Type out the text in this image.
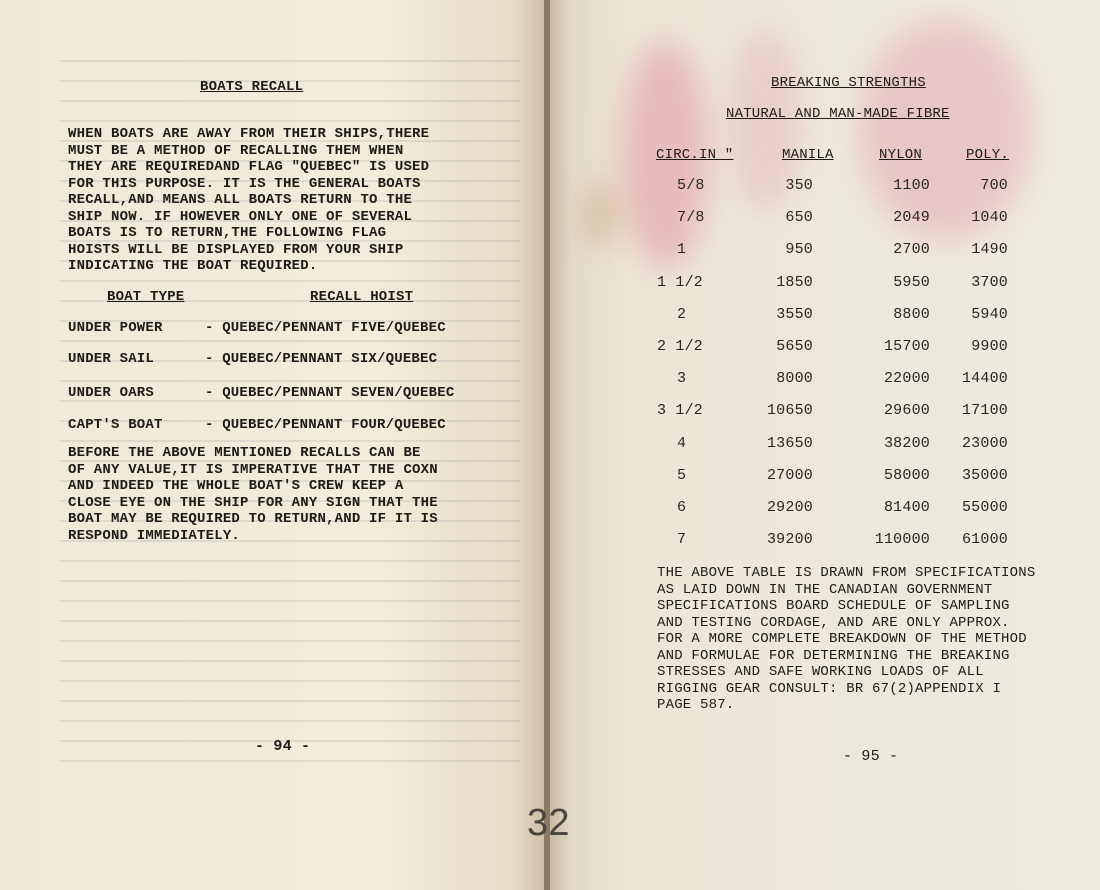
BOATS RECALL
WHEN BOATS ARE AWAY FROM THEIR SHIPS,THERE
MUST BE A METHOD OF RECALLING THEM WHEN
THEY ARE REQUIREDAND FLAG "QUEBEC" IS USED
FOR THIS PURPOSE. IT IS THE GENERAL BOATS
RECALL,AND MEANS ALL BOATS RETURN TO THE
SHIP NOW. IF HOWEVER ONLY ONE OF SEVERAL
BOATS IS TO RETURN,THE FOLLOWING FLAG
HOISTS WILL BE DISPLAYED FROM YOUR SHIP
INDICATING THE BOAT REQUIRED.
BOAT TYPE	RECALL HOIST
UNDER POWER	- QUEBEC/PENNANT FIVE/QUEBEC
UNDER SAIL	- QUEBEC/PENNANT SIX/QUEBEC
UNDER OARS	- QUEBEC/PENNANT SEVEN/QUEBEC
CAPT'S BOAT	- QUEBEC/PENNANT FOUR/QUEBEC
BEFORE THE ABOVE MENTIONED RECALLS CAN BE
OF ANY VALUE,IT IS IMPERATIVE THAT THE COXN
AND INDEED THE WHOLE BOAT'S CREW KEEP A
CLOSE EYE ON THE SHIP FOR ANY SIGN THAT THE
BOAT MAY BE REQUIRED TO RETURN,AND IF IT IS
RESPOND IMMEDIATELY.
- 94 -
32
BREAKING STRENGTHS
NATURAL AND MAN-MADE FIBRE
CIRC.IN "	MANILA	NYLON	POLY.
5/8	350	1100	700
7/8	650	2049	1040
1	950	2700	1490
1 1/2	1850	5950	3700
2	3550	8800	5940
2 1/2	5650	15700	9900
3	8000	22000	14400
3 1/2	10650	29600	17100
4	13650	38200	23000
5	27000	58000	35000
6	29200	81400	55000
7	39200	110000	61000
THE ABOVE TABLE IS DRAWN FROM SPECIFICATIONS
AS LAID DOWN IN THE CANADIAN GOVERNMENT
SPECIFICATIONS BOARD SCHEDULE OF SAMPLING
AND TESTING CORDAGE, AND ARE ONLY APPROX.
FOR A MORE COMPLETE BREAKDOWN OF THE METHOD
AND FORMULAE FOR DETERMINING THE BREAKING
STRESSES AND SAFE WORKING LOADS OF ALL
RIGGING GEAR CONSULT: BR 67(2)APPENDIX I
PAGE 587.
- 95 -
